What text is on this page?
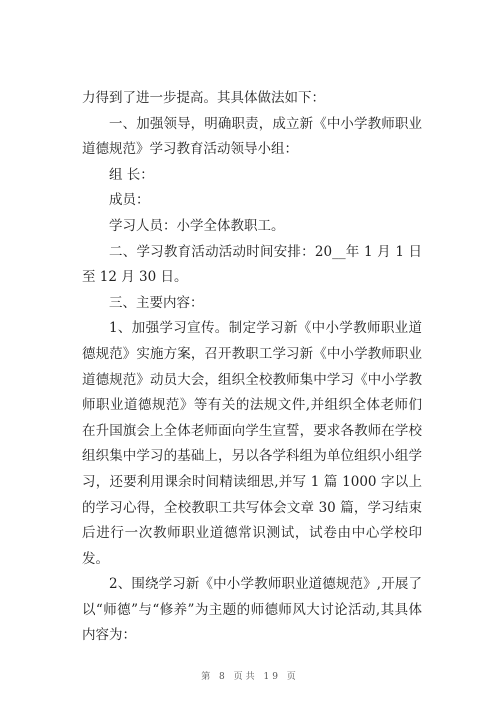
力得到了进一步提高。其具体做法如下：

一、加强领导，明确职责，成立新《中小学教师职业道德规范》学习教育活动领导小组：

组 长：

成员：

学习人员：小学全体教职工。

二、学习教育活动活动时间安排：20__年 1 月 1 日至 12 月 30 日。

三、主要内容：

1、加强学习宣传。制定学习新《中小学教师职业道德规范》实施方案，召开教职工学习新《中小学教师职业道德规范》动员大会，组织全校教师集中学习《中小学教师职业道德规范》等有关的法规文件,并组织全体老师们在升国旗会上全体老师面向学生宣誓，要求各教师在学校组织集中学习的基础上，另以各学科组为单位组织小组学习，还要利用课余时间精读细思,并写 1 篇 1000 字以上的学习心得，全校教职工共写体会文章 30 篇，学习结束后进行一次教师职业道德常识测试，试卷由中心学校印发。

2、围绕学习新《中小学教师职业道德规范》,开展了以“师德”与“修养”为主题的师德师风大讨论活动,其具体内容为：

第 8 页共 19 页
